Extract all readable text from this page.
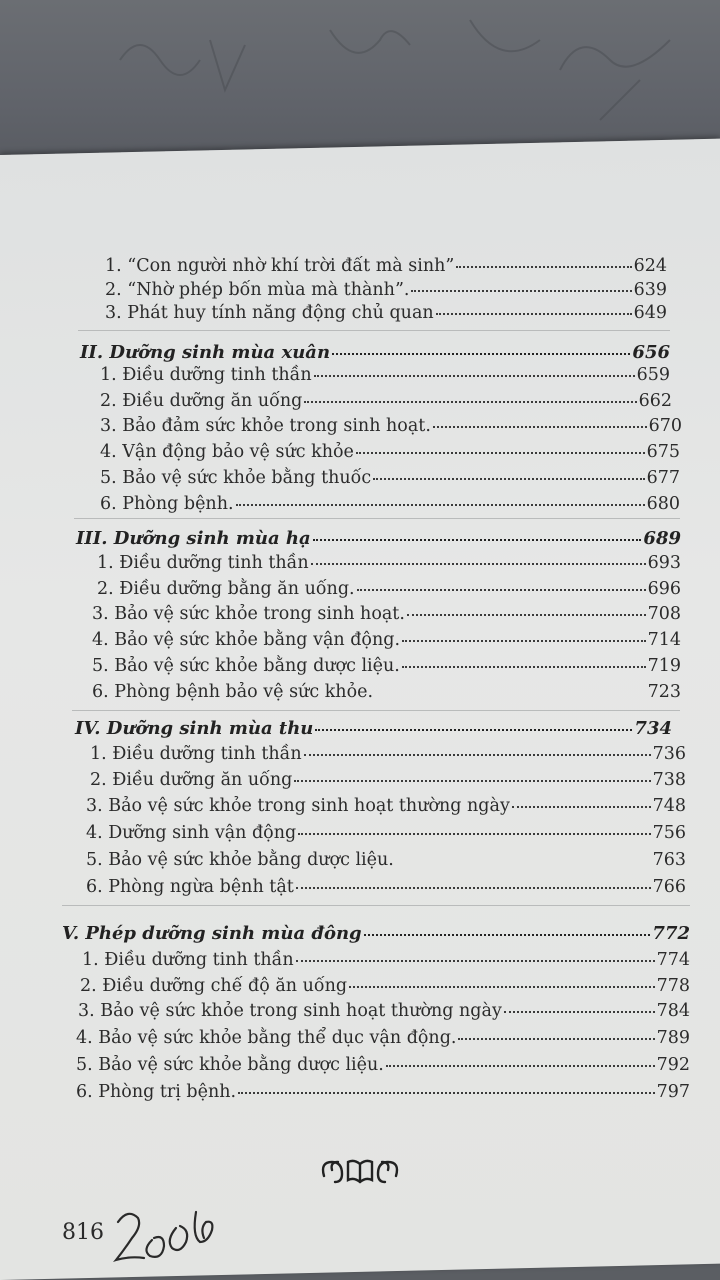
1. “Con người nhờ khí trời đất mà sinh”	624
2. “Nhờ phép bốn mùa mà thành”.	639
3. Phát huy tính năng động chủ quan	649
II. Dưỡng sinh mùa xuân	656
1. Điều dưỡng tinh thần	659
2. Điều dưỡng ăn uống	662
3. Bảo đảm sức khỏe trong sinh hoạt.	670
4. Vận động bảo vệ sức khỏe	675
5. Bảo vệ sức khỏe bằng thuốc	677
6. Phòng bệnh.	680
III. Dưỡng sinh mùa hạ	689
1. Điều dưỡng tinh thần	693
2. Điều dưỡng bằng ăn uống.	696
3. Bảo vệ sức khỏe trong sinh hoạt.	708
4. Bảo vệ sức khỏe bằng vận động.	714
5. Bảo vệ sức khỏe bằng dược liệu.	719
6. Phòng bệnh bảo vệ sức khỏe.	723
IV. Dưỡng sinh mùa thu	734
1. Điều dưỡng tinh thần	736
2. Điều dưỡng ăn uống	738
3. Bảo vệ sức khỏe trong sinh hoạt thường ngày	748
4. Dưỡng sinh vận động	756
5. Bảo vệ sức khỏe bằng dược liệu.	763
6. Phòng ngừa bệnh tật	766
V. Phép dưỡng sinh mùa đông	772
1. Điều dưỡng tinh thần	774
2. Điều dưỡng chế độ ăn uống	778
3. Bảo vệ sức khỏe trong sinh hoạt thường ngày	784
4. Bảo vệ sức khỏe bằng thể dục vận động.	789
5. Bảo vệ sức khỏe bằng dược liệu.	792
6. Phòng trị bệnh.	797
816
